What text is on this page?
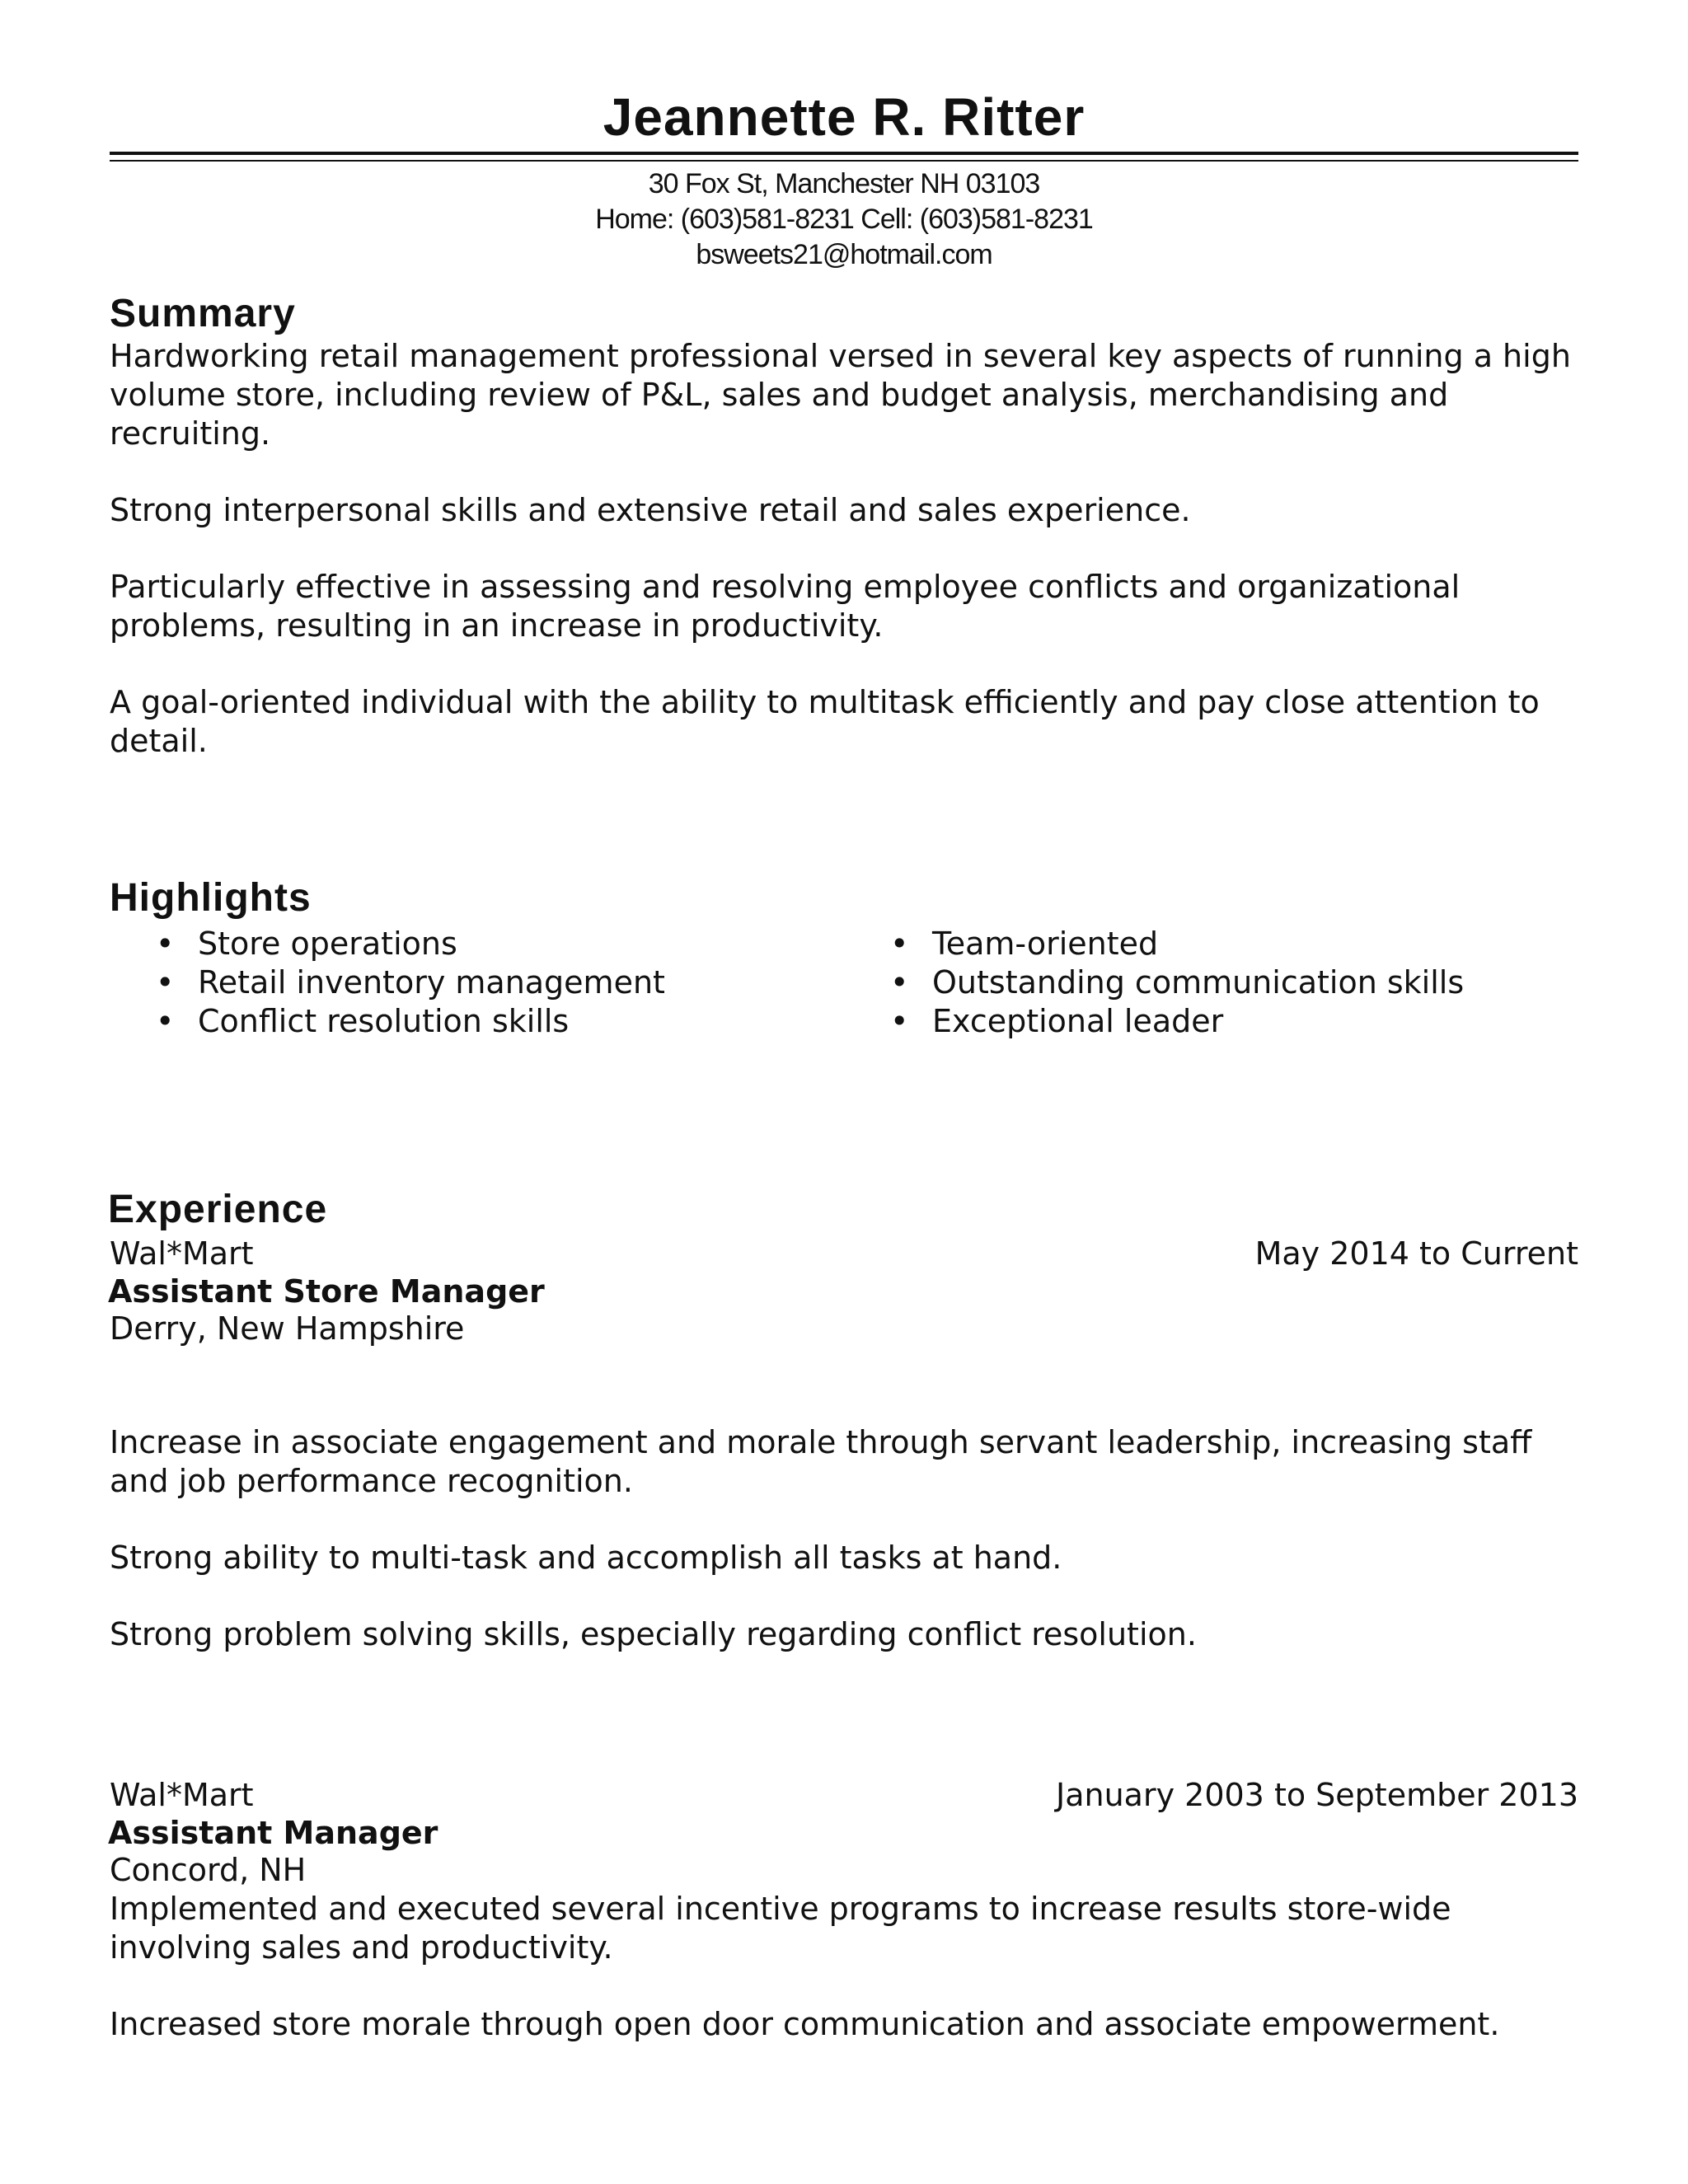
Jeannette R. Ritter
30 Fox St, Manchester NH 03103
Home: (603)581-8231 Cell: (603)581-8231
bsweets21@hotmail.com
Summary

Hardworking retail management professional versed in several key aspects of running a high volume store, including review of P&L, sales and budget analysis, merchandising and recruiting.

Strong interpersonal skills and extensive retail and sales experience.

Particularly effective in assessing and resolving employee conflicts and organizational problems, resulting in an increase in productivity.

A goal-oriented individual with the ability to multitask efficiently and pay close attention to detail.

Highlights
• Store operations
• Retail inventory management
• Conflict resolution skills
• Team-oriented
• Outstanding communication skills
• Exceptional leader
Experience
Wal*Mart	May 2014 to Current
Assistant Store Manager
Derry, New Hampshire

Increase in associate engagement and morale through servant leadership, increasing staff and job performance recognition.

Strong ability to multi-task and accomplish all tasks at hand.

Strong problem solving skills, especially regarding conflict resolution.

Wal*Mart	January 2003 to September 2013
Assistant Manager
Concord, NH

Implemented and executed several incentive programs to increase results store-wide involving sales and productivity.

Increased store morale through open door communication and associate empowerment.
